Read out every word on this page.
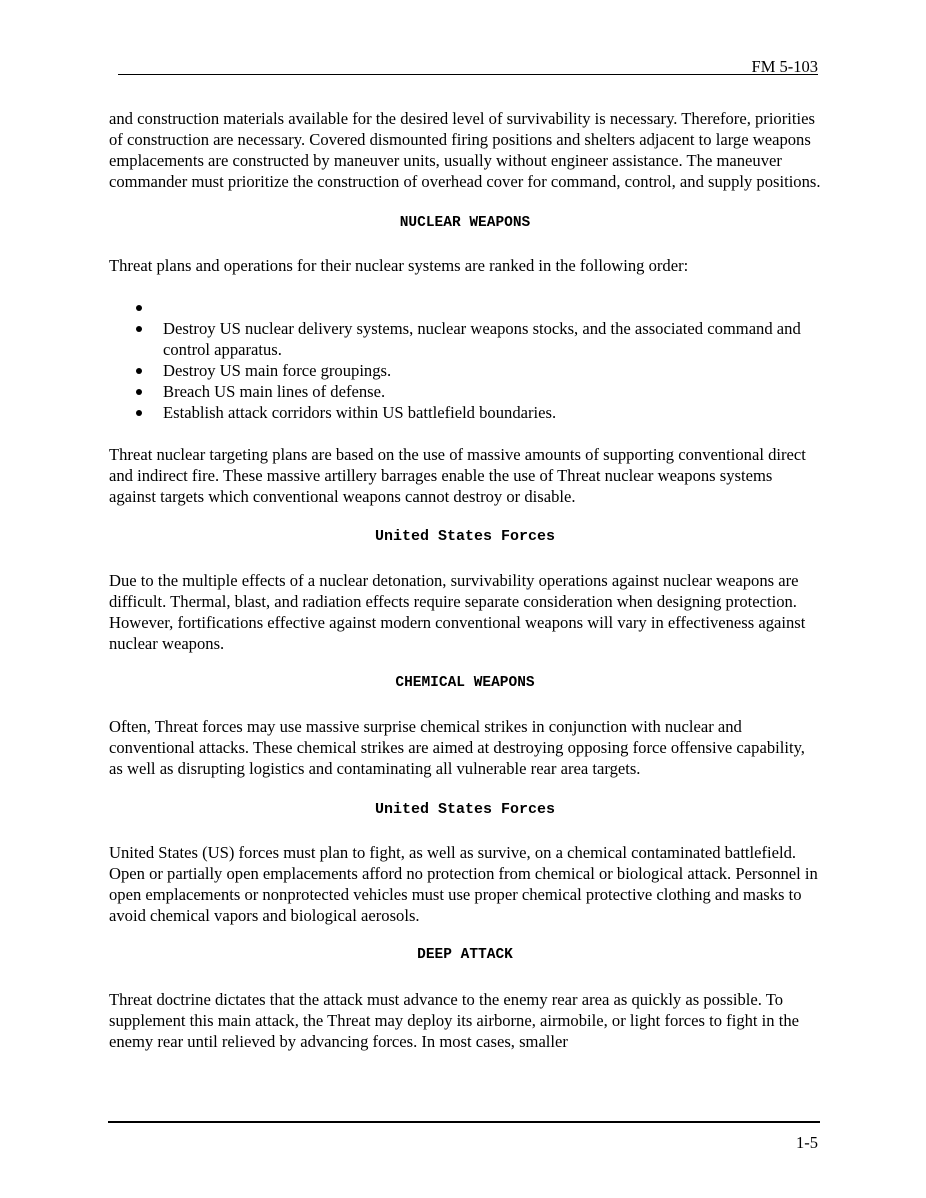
FM 5-103

and construction materials available for the desired level of survivability is necessary. Therefore, priorities of construction are necessary. Covered dismounted firing positions and shelters adjacent to large weapons emplacements are constructed by maneuver units, usually without engineer assistance. The maneuver commander must prioritize the construction of overhead cover for command, control, and supply positions.

NUCLEAR WEAPONS

Threat plans and operations for their nuclear systems are ranked in the following order:

Destroy US nuclear delivery systems, nuclear weapons stocks, and the associated command and control apparatus.
Destroy US main force groupings.
Breach US main lines of defense.
Establish attack corridors within US battlefield boundaries.

Threat nuclear targeting plans are based on the use of massive amounts of supporting conventional direct and indirect fire. These massive artillery barrages enable the use of Threat nuclear weapons systems against targets which conventional weapons cannot destroy or disable.

United States Forces

Due to the multiple effects of a nuclear detonation, survivability operations against nuclear weapons are difficult. Thermal, blast, and radiation effects require separate consideration when designing protection. However, fortifications effective against modern conventional weapons will vary in effectiveness against nuclear weapons.

CHEMICAL WEAPONS

Often, Threat forces may use massive surprise chemical strikes in conjunction with nuclear and conventional attacks. These chemical strikes are aimed at destroying opposing force offensive capability, as well as disrupting logistics and contaminating all vulnerable rear area targets.

United States Forces

United States (US) forces must plan to fight, as well as survive, on a chemical contaminated battlefield. Open or partially open emplacements afford no protection from chemical or biological attack. Personnel in open emplacements or nonprotected vehicles must use proper chemical protective clothing and masks to avoid chemical vapors and biological aerosols.

DEEP ATTACK

Threat doctrine dictates that the attack must advance to the enemy rear area as quickly as possible. To supplement this main attack, the Threat may deploy its airborne, airmobile, or light forces to fight in the enemy rear until relieved by advancing forces. In most cases, smaller

1-5
